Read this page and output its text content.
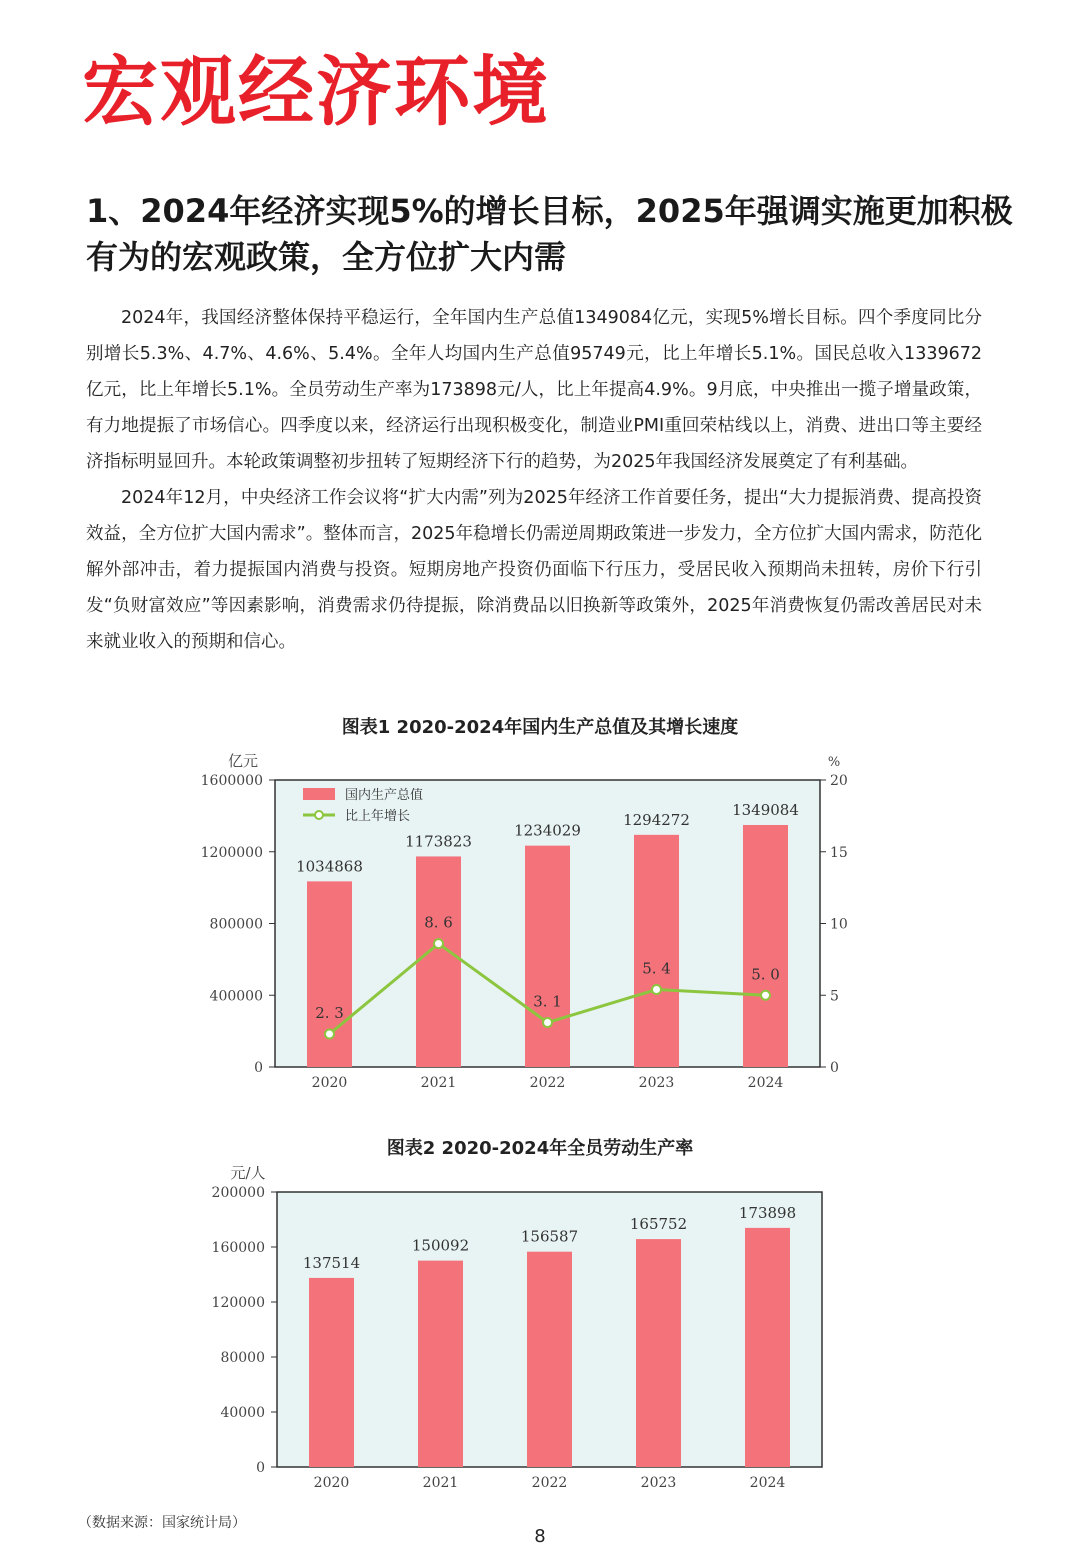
宏观经济环境
1、2024年经济实现5%的增长目标，2025年强调实施更加积极有为的宏观政策，全方位扩大内需

2024年，我国经济整体保持平稳运行，全年国内生产总值1349084亿元，实现5%增长目标。四个季度同比分别增长5.3%、4.7%、4.6%、5.4%。全年人均国内生产总值95749元，比上年增长5.1%。国民总收入1339672亿元，比上年增长5.1%。全员劳动生产率为173898元/人，比上年提高4.9%。9月底，中央推出一揽子增量政策，有力地提振了市场信心。四季度以来，经济运行出现积极变化，制造业PMI重回荣枯线以上，消费、进出口等主要经济指标明显回升。本轮政策调整初步扭转了短期经济下行的趋势，为2025年我国经济发展奠定了有利基础。

2024年12月，中央经济工作会议将“扩大内需”列为2025年经济工作首要任务，提出“大力提振消费、提高投资效益，全方位扩大国内需求”。整体而言，2025年稳增长仍需逆周期政策进一步发力，全方位扩大国内需求，防范化解外部冲击，着力提振国内消费与投资。短期房地产投资仍面临下行压力，受居民收入预期尚未扭转，房价下行引发“负财富效应”等因素影响，消费需求仍待提振，除消费品以旧换新等政策外，2025年消费恢复仍需改善居民对未来就业收入的预期和信心。

图表1 2020-2024年国内生产总值及其增长速度
0
400000
800000
1200000
1600000
亿元
1034868
1173823
1234029
1294272
1349084
2020	2021	2022	2023	2024
0
5
10
15
20
%
2. 3
8. 6
3. 1
5. 4	5. 0
国内生产总值
比上年增长
图表2 2020-2024年全员劳动生产率
0
40000
80000
120000
160000
200000
元/人
137514
150092	156587
165752
173898
2020	2021	2022	2023	2024
（数据来源：国家统计局）
8
